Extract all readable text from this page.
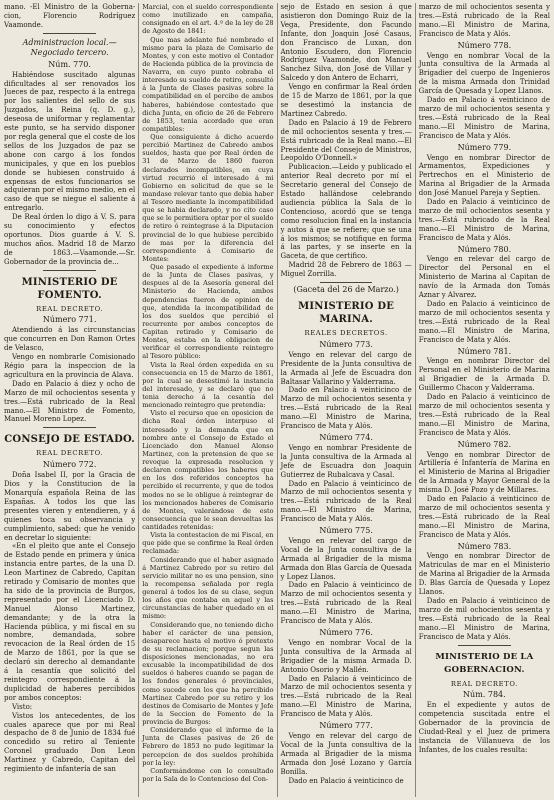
mano. -El Ministro de la Goberna- cion, Florencio Rodríguez Vaamonde.

Administracion local.—Negociado tercero.

Núm. 770.

Habiéndose suscitado algunas dificultades al ser renovados los Jueces de paz, respecto á la entrega por los salientes del sello de sus Juzgados, la Reina (q. D. g.), deseosa de uniformar y reglamentar este punto, se ha servido disponer por regla general que el coste de los sellos de los Juzgados de paz se abone con cargo á los fondos municipales, y que en los pueblos donde se hubiesen construido á expensas de estos funcionarios se adquieran por el mismo medio, en el caso de que se niegue el saliente á entregarlo.

De Real órden lo digo á V. S. para su conocimiento y efectos oportunos. Dios guarde á V. S. muchos años. Madrid 18 de Marzo de 1863.—Vaamonde.—Sr. Gobernador de la provincia de...

MINISTERIO DE FOMENTO.

REAL DECRETO.

Número 771.

Atendiendo á las circunstancias que concurren en Don Ramon Ortes de Velasco,

Vengo en nombrarle Comisionado Régio para la inspeccion de la agricultura en la provincia de Alava.

Dado en Palacio á diez y ocho de Marzo de mil ochocientos sesenta y tres.—Está rubricado de la Real mano.—El Ministro de Fomento, Manuel Moreno Lopez.

CONSEJO DE ESTADO.

REAL DECRETO.

Número 772.

Doña Isabel II, por la Gracia de Dios y la Constitucion de la Monarquía española Reina de las Españas. A todos los que las presentes vieren y entendieren, y á quienes toca su observancia y cumplimiento, sabed: que he venido en decretar lo siguiente:

«En el pleito que ante el Consejo de Estado pende en primera y única instancia entre partes, de la una D. Leon Martinez de Cabredo, Capitan retirado y Comisario de montes que ha sido de la provincia de Burgos, representado por el Licenciado D. Manuel Alonso Martinez, demandante; y de la otra la Hacienda pública, y mi fiscal en su nombre, demandada, sobre revocacion de la Real órden de 15 de Marzo de 1861, por la que se declaró sin derecho al demandante á la cesantía que solicitó del reintegro correspondiente á la duplicidad de haberes percibidos por ambos conceptos:

Visto:

Vistos los antecedentes, de los cuales aparece que por mi Real despacho de 8 de Junio de 1834 fué concedido su retiro al Teniente Coronel graduado Don Leon Martinez y Cabredo, Capitan del regimiento de infantería de san

Marcial, con el sueldo correspondiente como inutilizado en campaña, consignado en el art. 4.º de la ley de 28 de Agosto de 1841:

Que mas adelante fué nombrado el mismo para la plaza de Comisario de Montes, y con este motivo el Contador de Hacienda pública de la provincia de Navarra, en cuyo punto cobraba el interesado su sueldo de retiro, consultó á la Junta de Clases pasivas sobre la compatibilidad en el percibo de ambos haberes, habiéndose contestado que dicha Junta, en oficio de 26 de Febrero de 1853, tenia acordado que eran compatibles:

Que consiguiente á dicho acuerdo percibió Martinez de Cabredo ambos sueldos, hasta que por Real órden de 31 de Marzo de 1860 fueron declarados incompatibles, en cuya virtud recurrió el interesado á mi Gobierno en solicitud de que se le mandase relevar tanto que debia haber al Tesoro mediante la incompatibilidad que se habia declarado, y no cito caso que se le permitiera optar por el sueldo de retiro ó reintegrase á la Diputacion provincial de lo que hubiese percibido de mas por la diferencia del correspondiente á Comisario de Montes:

Que pasado el expediente á informe de la Junta de Clases pasivas, y despues al de la Asesoría general del Ministerio de Hacienda, ambos dependencias fueron de opinion de que, atendida la incompatibilidad de los dos sueldos que percibió el recurrente por ambos conceptos de Capitan retirado y Comisario de Montes, estaba en la obligacion de verificar el correspondiente reintegro al Tesoro público:

Vista la Real órden expedida en su consecuencia en 15 de Marzo de 1861, por la cual se desestimó la instancia del interesado, y se declaró que no tenia derecho á la cesantía del mencionado reintegro que pretendia:

Visto el recurso que en oposicion de dicha Real órden interpuso el interesado y la demanda que en nombre ante el Consejo de Estado el Licenciado don Manuel Alonso Martinez, con la pretension de que se revoque la expresada resolucion y declaren compatibles los haberes que en los dos referidos conceptos ha percibido el recurrente, y que de todos modos no se le obligue á reintegrar de los mencionados haberes de Comisario de Montes, valerándose de esto consecuencia que le sean devueltas las cantidades retenidas:

Vista la contestacion de mi Fiscal, en que pide que se confirme la Real órden reclamada:

Considerando que el haber asignado á Martinez Cabredo por su retiro del servicio militar no es una pension, sino la recompensa señalada por regla general á todos los de su clase, segun los años que contaba en aquel y las circunstancias de haber quedado en el mismo:

Considerando que, no teniendo dicho haber el carácter de una pension, desaparece hasta el motivo ó pretexto de su reclamacion; porque segun las disposiciones mencionadas, no era excusable la incompatibilidad de dos sueldos ó haberes cuando se pagan de los fondos generales ó provinciales, como sucede con los que ha percibido Martinez Cabredo por su retiro y los destinos de Comisario de Montes y Jefe de la Seccion de Fomento de la provincia de Burgos:

Considerando que el informe de la Junta de Clases pasivas de 26 de Febrero de 1853 no pudo legitimar la percepcion de dos sueldos prohibida por la ley:

Conformándome con lo consultado por la Sala de lo Contencioso del Con-

sejo de Estado en sesion á que asistieron don Domingo Ruiz de la Vega, Presidente, don Facundo Infante, don Joaquin José Casaus, don Francisco de Luxan, don Antonio Escudero, don Florencio Rodríguez Vaamonde, don Manuel Sanchez Silva, don José de Villar y Salcedo y don Antero de Echarri,

Vengo en confirmar la Real órden de 15 de Marzo de 1861, por la que se desestimó la instancia de Martinez Cabredo.

Dado en Palacio á 19 de Febrero de mil ochocientos sesenta y tres.—Está rubricado de la Real mano.—El Presidente del Consejo de Ministros, Leopoldo O'Donnell.»

Publicacion.—Leido y publicado el anterior Real decreto por mí el Secretario general del Consejo de Estado hallándose celebrando audiencia pública la Sala de lo Contencioso, acordó que se tenga como resolucion final en la instancia y autos á que se refiere; que se una á los mismos; se notifique en forma á las partes, y se inserte en la Gaceta, de que certifico.

Madrid 28 de Febrero de 1863 — Miguel Zorrilla.

(Gaceta del 26 de Marzo.)

MINISTERIO DE MARINA.

REALES DECRETOS.

Número 773.

Vengo en relevar del cargo de Presidente de la Junta consultiva de la Armada al Jefe de Escuadra don Baltasar Vallarino y Valderrama.

Dado en Palacio á veinticinco de Marzo de mil ochocientos sesenta y tres.—Está rubricado de la Real mano.—El Ministro de Marina, Francisco de Mata y Alós.

Número 774.

Vengo en nombrar Presidente de la Junta consultiva de la Armada al Jefe de Escuadra don Joaquin Gutierrez de Rubalcava y Casal.

Dado en Palacio á veinticinco de Marzo de mil ochocientos sesenta y tres.—Está rubricado de la Real mano.—El Ministro de Marina, Francisco de Mata y Alós.

Número 775.

Vengo en relevar del cargo de Vocal de la Junta consultiva de la Armada al Brigadier de la misma Armada don Blas García de Quesada y Lopez Llanos.

Dado en Palacio á veinticinco de Marzo de mil ochocientos sesenta y tres.—Está rubricado de la Real mano.—El Ministro de Marina, Francisco de Mata y Alós.

Número 776.

Vengo en nombrar Vocal de la Junta consultiva de la Armada al Brigadier de la misma Armada D. Antonio Osorio y Mallén.

Dado en Palacio á veinticinco de Marzo de mil ochocientos sesenta y tres.—Está rubricado de la Real mano.—El Ministro de Marina, Francisco de Mata y Alós.

Número 777.

Vengo en relevar del cargo de Vocal de la Junta consultiva de la Armada al Brigadier de la misma Armada don José Lozano y García Bonilla.

Dado en Palacio á veinticinco de

marzo de mil ochocientos sesenta y tres.—Está rubricado de la Real mano.—El Ministro de Marina, Francisco de Mata y Alós.

Número 778.

Vengo en nombrar Vocal de la Junta consultiva de la Armada al Brigadier del cuerpo de Ingenieros de la misma Armada don Trinidad García de Quesada y Lopez Llanos.

Dado en Palacio á veinticinco de marzo de mil ochocientos sesenta y tres.—Está rubricado de la Real mano.—El Ministro de Marina, Francisco de Mata y Alós.

Número 779.

Vengo en nombrar Director de Armamentos, Expediciones y Pertrechos en el Ministerio de Marina al Brigadier de la Armada don José Manuel Pareja y Septien.

Dado en Palacio á veinticinco de marzo de mil ochocientos sesenta y tres.—Está rubricado de la Real mano.—El Ministro de Marina, Francisco de Mata y Alós.

Número 780.

Vengo en relevar del cargo de Director del Personal en el Ministerio de Marina al Capitan de navío de la Armada don Tomás Aznar y Alvarez.

Dado en Palacio á veinticinco de marzo de mil ochocientos sesenta y tres.—Está rubricado de la Real mano.—El Ministro de Marina, Francisco de Mata y Alós.

Número 781.

Vengo en nombrar Director del Personal en el Ministerio de Marina al Brigadier de la Armada D. Guillermo Chacon y Valderrama.

Dado en Palacio á veinticinco de marzo de mil ochocientos sesenta y tres.—Está rubricado de la Real mano.—El Ministro de Marina, Francisco de Mata y Alós.

Número 782.

Vengo en nombrar Director de Artillería é Infantería de Marina en el Ministerio de Marina al Brigadier de la Armada y Mayor General de la misma D. José Pozo y de Millares.

Dado en Palacio á veinticinco de marzo de mil ochocientos sesenta y tres.—Está rubricado de la Real mano.—El Ministro de Marina, Francisco de Mata y Alós.

Número 783.

Vengo en nombrar Director de Matriculas de mar en el Ministerio de Marina al Brigadier de la Armada D. Blas García de Quesada y Lopez Llanos.

Dado en Palacio á veinticinco de marzo de mil ochocientos sesenta y tres.—Está rubricado de la Real mano.—El Ministro de Marina, Francisco de Mata y Alós.

MINISTERIO DE LA GOBERNACION.

REAL DECRETO.

Núm. 784.

En el expediente y autos de competencia suscitada entre el Gobernador de la provincia de Ciudad-Real y el Juez de primera instancia de Villanueva de los Infantes, de los cuales resulta:
